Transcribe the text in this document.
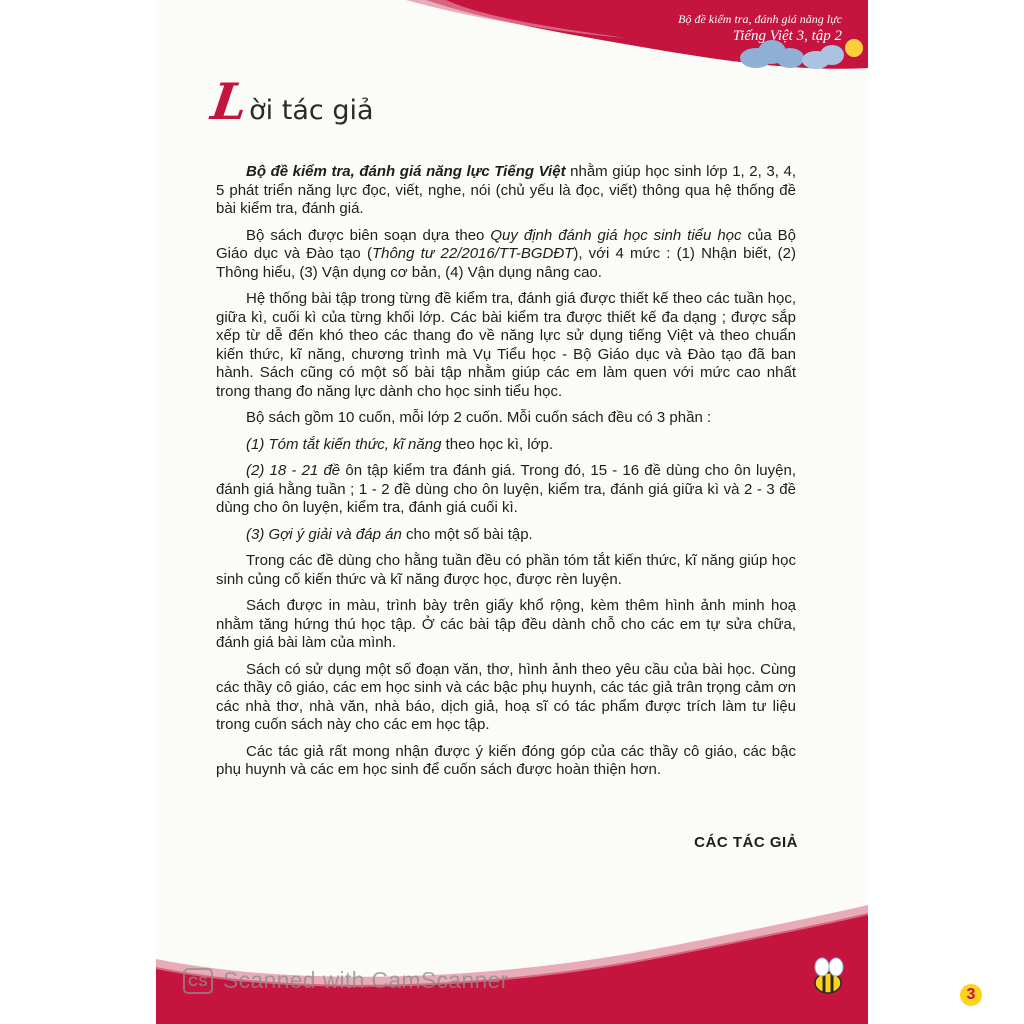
Bộ đề kiểm tra, đánh giá năng lực
Tiếng Việt 3, tập 2
Lời tác giả

Bộ đề kiểm tra, đánh giá năng lực Tiếng Việt nhằm giúp học sinh lớp 1, 2, 3, 4, 5 phát triển năng lực đọc, viết, nghe, nói (chủ yếu là đọc, viết) thông qua hệ thống đề bài kiểm tra, đánh giá.

Bộ sách được biên soạn dựa theo Quy định đánh giá học sinh tiểu học của Bộ Giáo dục và Đào tạo (Thông tư 22/2016/TT-BGDĐT), với 4 mức : (1) Nhận biết, (2) Thông hiểu, (3) Vận dụng cơ bản, (4) Vận dụng nâng cao.

Hệ thống bài tập trong từng đề kiểm tra, đánh giá được thiết kế theo các tuần học, giữa kì, cuối kì của từng khối lớp. Các bài kiểm tra được thiết kế đa dạng ; được sắp xếp từ dễ đến khó theo các thang đo về năng lực sử dụng tiếng Việt và theo chuẩn kiến thức, kĩ năng, chương trình mà Vụ Tiểu học - Bộ Giáo dục và Đào tạo đã ban hành. Sách cũng có một số bài tập nhằm giúp các em làm quen với mức cao nhất trong thang đo năng lực dành cho học sinh tiểu học.

Bộ sách gồm 10 cuốn, mỗi lớp 2 cuốn. Mỗi cuốn sách đều có 3 phần :

(1) Tóm tắt kiến thức, kĩ năng theo học kì, lớp.

(2) 18 - 21 đề ôn tập kiểm tra đánh giá. Trong đó, 15 - 16 đề dùng cho ôn luyện, đánh giá hằng tuần ; 1 - 2 đề dùng cho ôn luyện, kiểm tra, đánh giá giữa kì và 2 - 3 đề dùng cho ôn luyện, kiểm tra, đánh giá cuối kì.

(3) Gợi ý giải và đáp án cho một số bài tập.

Trong các đề dùng cho hằng tuần đều có phần tóm tắt kiến thức, kĩ năng giúp học sinh củng cố kiến thức và kĩ năng được học, được rèn luyện.

Sách được in màu, trình bày trên giấy khổ rộng, kèm thêm hình ảnh minh hoạ nhằm tăng hứng thú học tập. Ở các bài tập đều dành chỗ cho các em tự sửa chữa, đánh giá bài làm của mình.

Sách có sử dụng một số đoạn văn, thơ, hình ảnh theo yêu cầu của bài học. Cùng các thầy cô giáo, các em học sinh và các bậc phụ huynh, các tác giả trân trọng cảm ơn các nhà thơ, nhà văn, nhà báo, dịch giả, hoạ sĩ có tác phẩm được trích làm tư liệu trong cuốn sách này cho các em học tập.

Các tác giả rất mong nhận được ý kiến đóng góp của các thầy cô giáo, các bậc phụ huynh và các em học sinh để cuốn sách được hoàn thiện hơn.

CÁC TÁC GIẢ
3
CS Scanned with CamScanner
